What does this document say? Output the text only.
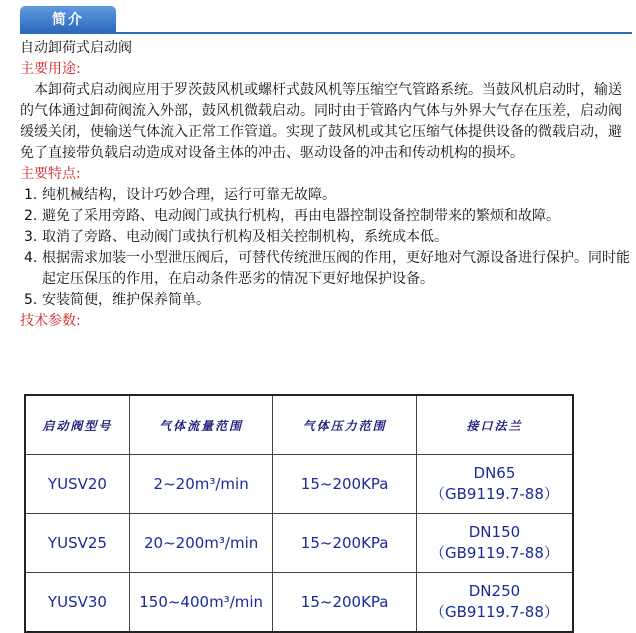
简介

自动卸荷式启动阀

主要用途:

本卸荷式启动阀应用于罗茨鼓风机或螺杆式鼓风机等压缩空气管路系统。当鼓风机启动时，输送的气体通过卸荷阀流入外部，鼓风机微载启动。同时由于管路内气体与外界大气存在压差，启动阀缓缓关闭，使输送气体流入正常工作管道。实现了鼓风机或其它压缩气体提供设备的微载启动，避免了直接带负载启动造成对设备主体的冲击、驱动设备的冲击和传动机构的损坏。

主要特点:

1. 纯机械结构，设计巧妙合理，运行可靠无故障。
2. 避免了采用旁路、电动阀门或执行机构，再由电器控制设备控制带来的繁烦和故障。
3. 取消了旁路、电动阀门或执行机构及相关控制机构，系统成本低。
4. 根据需求加装一小型泄压阀后，可替代传统泄压阀的作用，更好地对气源设备进行保护。同时能起定压保压的作用，在启动条件恶劣的情况下更好地保护设备。
5. 安装简便，维护保养简单。

技术参数:

启动阀型号	气体流量范围	气体压力范围	接口法兰
YUSV20	2~20m³/min	15~200KPa	DN65
（GB9119.7-88）

YUSV25	20~200m³/min	15~200KPa	DN150
（GB9119.7-88）

YUSV30	150~400m³/min	15~200KPa	DN250
（GB9119.7-88）
